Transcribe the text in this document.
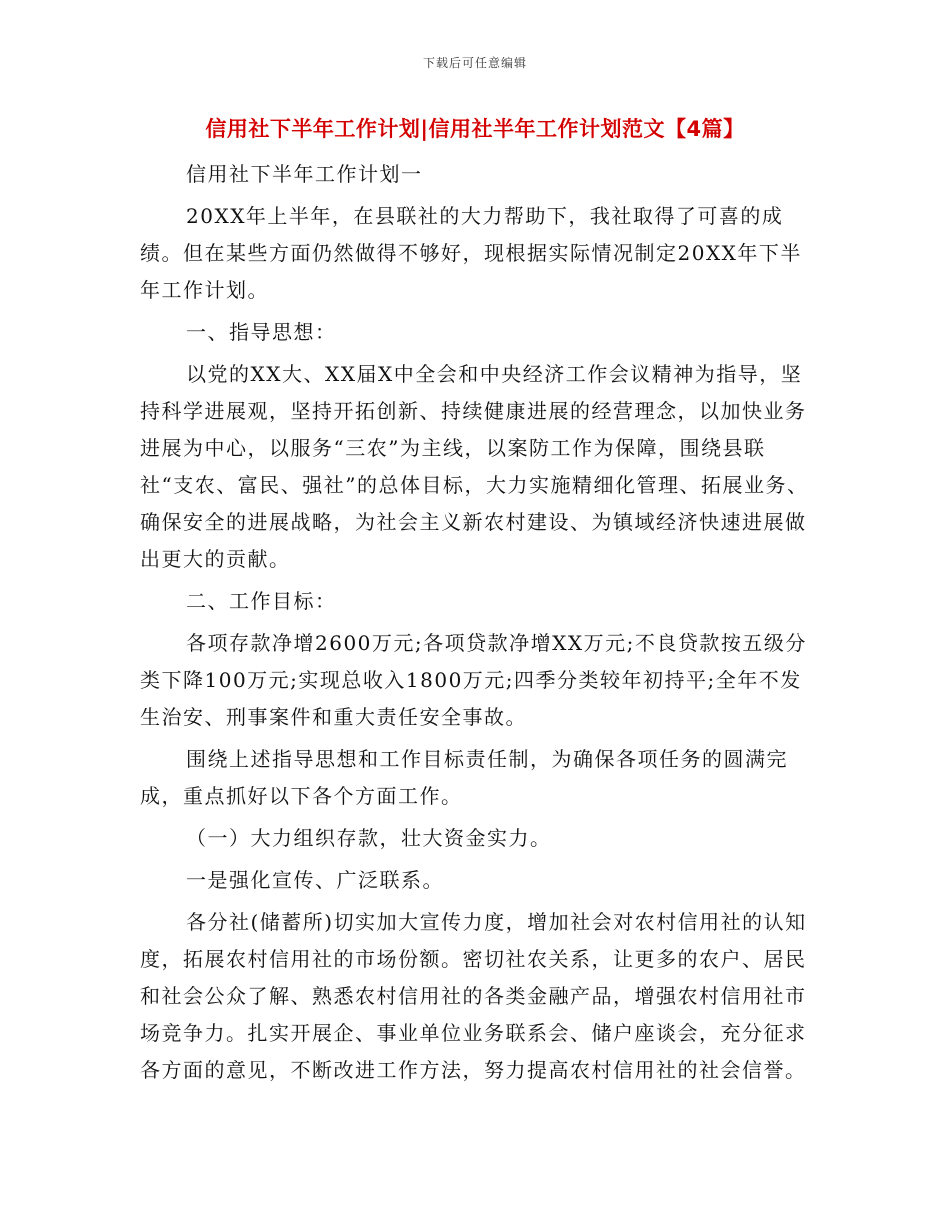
下载后可任意编辑
信用社下半年工作计划|信用社半年工作计划范文【4篇】

信用社下半年工作计划一

20XX年上半年，在县联社的大力帮助下，我社取得了可喜的成绩。但在某些方面仍然做得不够好，现根据实际情况制定20XX年下半年工作计划。

一、指导思想：

以党的XX大、XX届X中全会和中央经济工作会议精神为指导，坚持科学进展观，坚持开拓创新、持续健康进展的经营理念，以加快业务进展为中心，以服务“三农”为主线，以案防工作为保障，围绕县联社“支农、富民、强社”的总体目标，大力实施精细化管理、拓展业务、确保安全的进展战略，为社会主义新农村建设、为镇域经济快速进展做出更大的贡献。

二、工作目标：

各项存款净增2600万元;各项贷款净增XX万元;不良贷款按五级分类下降100万元;实现总收入1800万元;四季分类较年初持平;全年不发生治安、刑事案件和重大责任安全事故。

围绕上述指导思想和工作目标责任制，为确保各项任务的圆满完成，重点抓好以下各个方面工作。

（一）大力组织存款，壮大资金实力。

一是强化宣传、广泛联系。

各分社(储蓄所)切实加大宣传力度，增加社会对农村信用社的认知度，拓展农村信用社的市场份额。密切社农关系，让更多的农户、居民和社会公众了解、熟悉农村信用社的各类金融产品，增强农村信用社市场竞争力。扎实开展企、事业单位业务联系会、储户座谈会，充分征求各方面的意见，不断改进工作方法，努力提高农村信用社的社会信誉。
